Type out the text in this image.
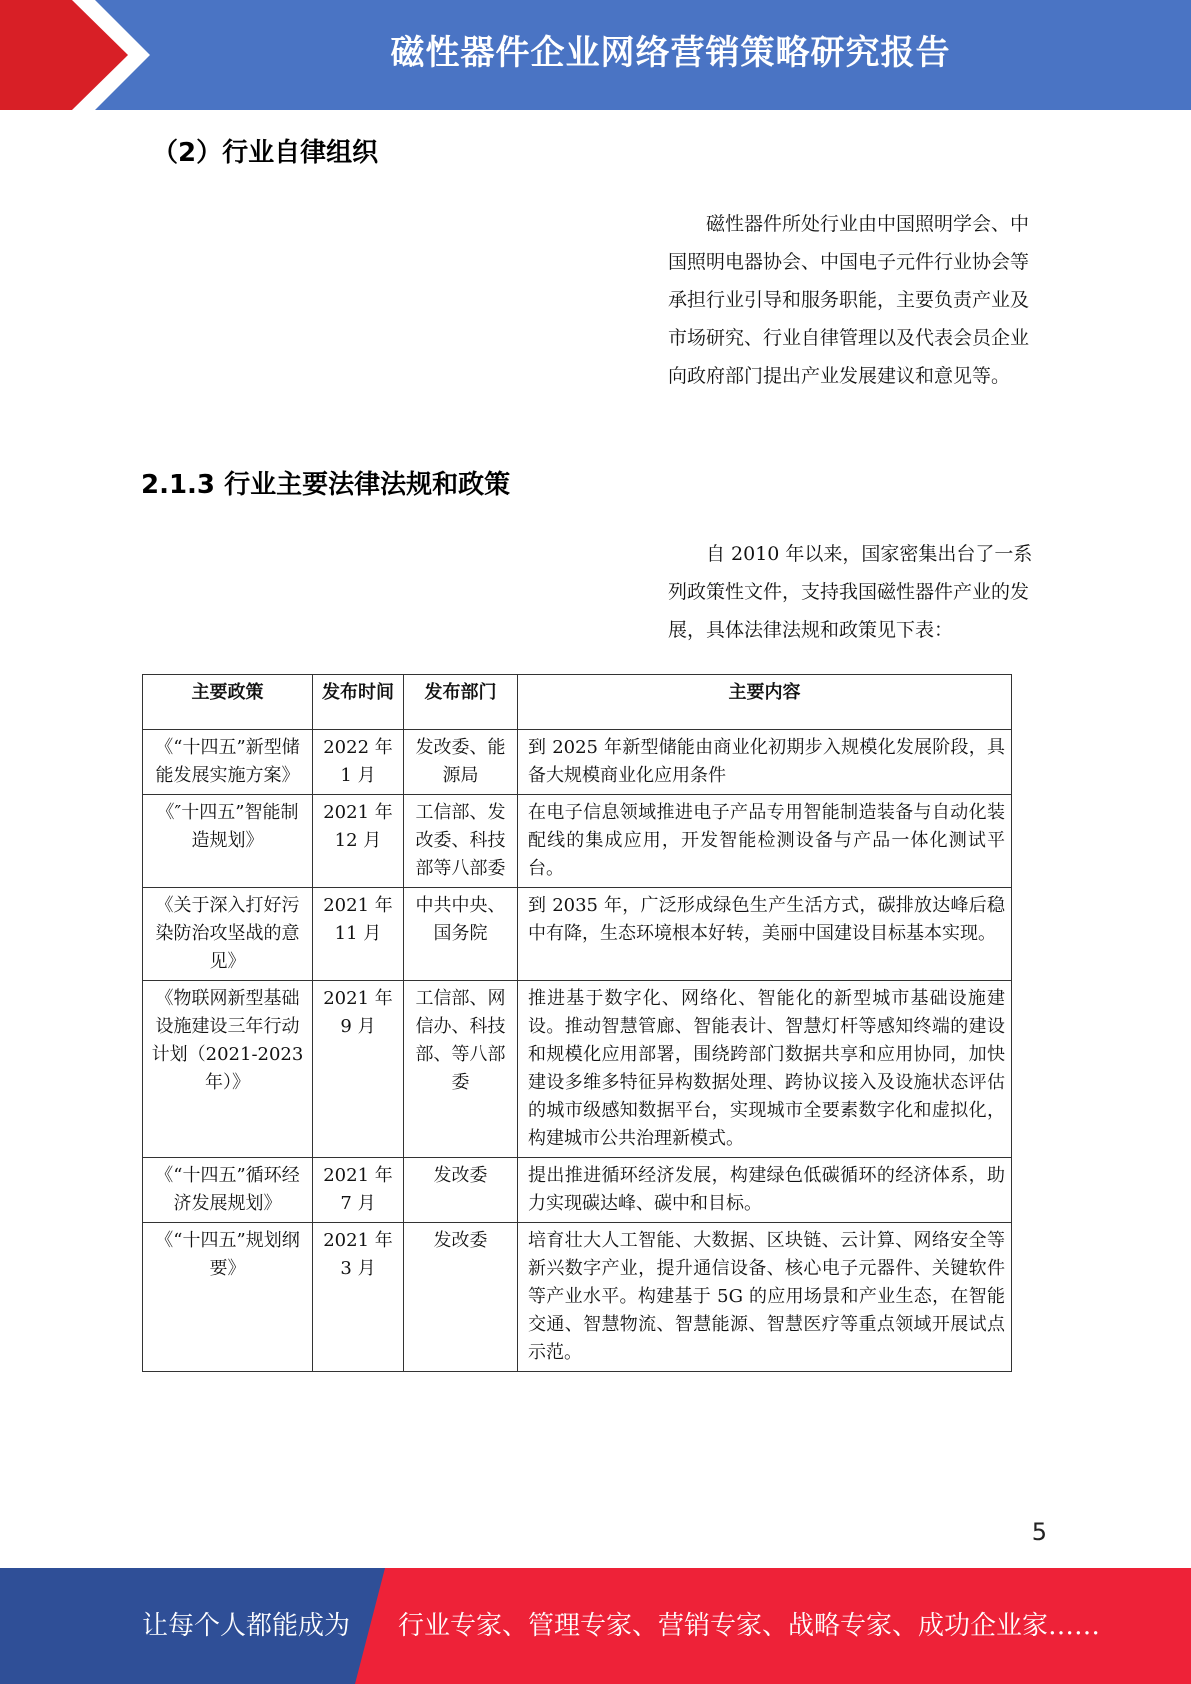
磁性器件企业网络营销策略研究报告
（2）行业自律组织

磁性器件所处行业由中国照明学会、中国照明电器协会、中国电子元件行业协会等承担行业引导和服务职能，主要负责产业及市场研究、行业自律管理以及代表会员企业向政府部门提出产业发展建议和意见等。

2.1.3 行业主要法律法规和政策

自 2010 年以来，国家密集出台了一系列政策性文件，支持我国磁性器件产业的发展，具体法律法规和政策见下表：

主要政策	发布时间	发布部门	主要内容
《“十四五”新型储能发展实施方案》	2022 年 1 月	发改委、能源局	到 2025 年新型储能由商业化初期步入规模化发展阶段，具备大规模商业化应用条件
《″十四五”智能制造规划》	2021 年 12 月	工信部、发改委、科技部等八部委	在电子信息领域推进电子产品专用智能制造装备与自动化装配线的集成应用，开发智能检测设备与产品一体化测试平台。
《关于深入打好污染防治攻坚战的意见》	2021 年 11 月	中共中央、国务院	到 2035 年，广泛形成绿色生产生活方式，碳排放达峰后稳中有降，生态环境根本好转，美丽中国建设目标基本实现。
《物联网新型基础设施建设三年行动计划（2021-2023 年）》	2021 年 9 月	工信部、网信办、科技部、等八部委	推进基于数字化、网络化、智能化的新型城市基础设施建设。推动智慧管廊、智能表计、智慧灯杆等感知终端的建设和规模化应用部署，围绕跨部门数据共享和应用协同，加快建设多维多特征异构数据处理、跨协议接入及设施状态评估的城市级感知数据平台，实现城市全要素数字化和虚拟化，构建城市公共治理新模式。
《“十四五”循环经济发展规划》	2021 年 7 月	发改委	提出推进循环经济发展，构建绿色低碳循环的经济体系，助力实现碳达峰、碳中和目标。
《“十四五”规划纲要》	2021 年 3 月	发改委	培育壮大人工智能、大数据、区块链、云计算、网络安全等新兴数字产业，提升通信设备、核心电子元器件、关键软件等产业水平。构建基于 5G 的应用场景和产业生态，在智能交通、智慧物流、智慧能源、智慧医疗等重点领域开展试点示范。
5
让每个人都能成为 行业专家、管理专家、营销专家、战略专家、成功企业家……
